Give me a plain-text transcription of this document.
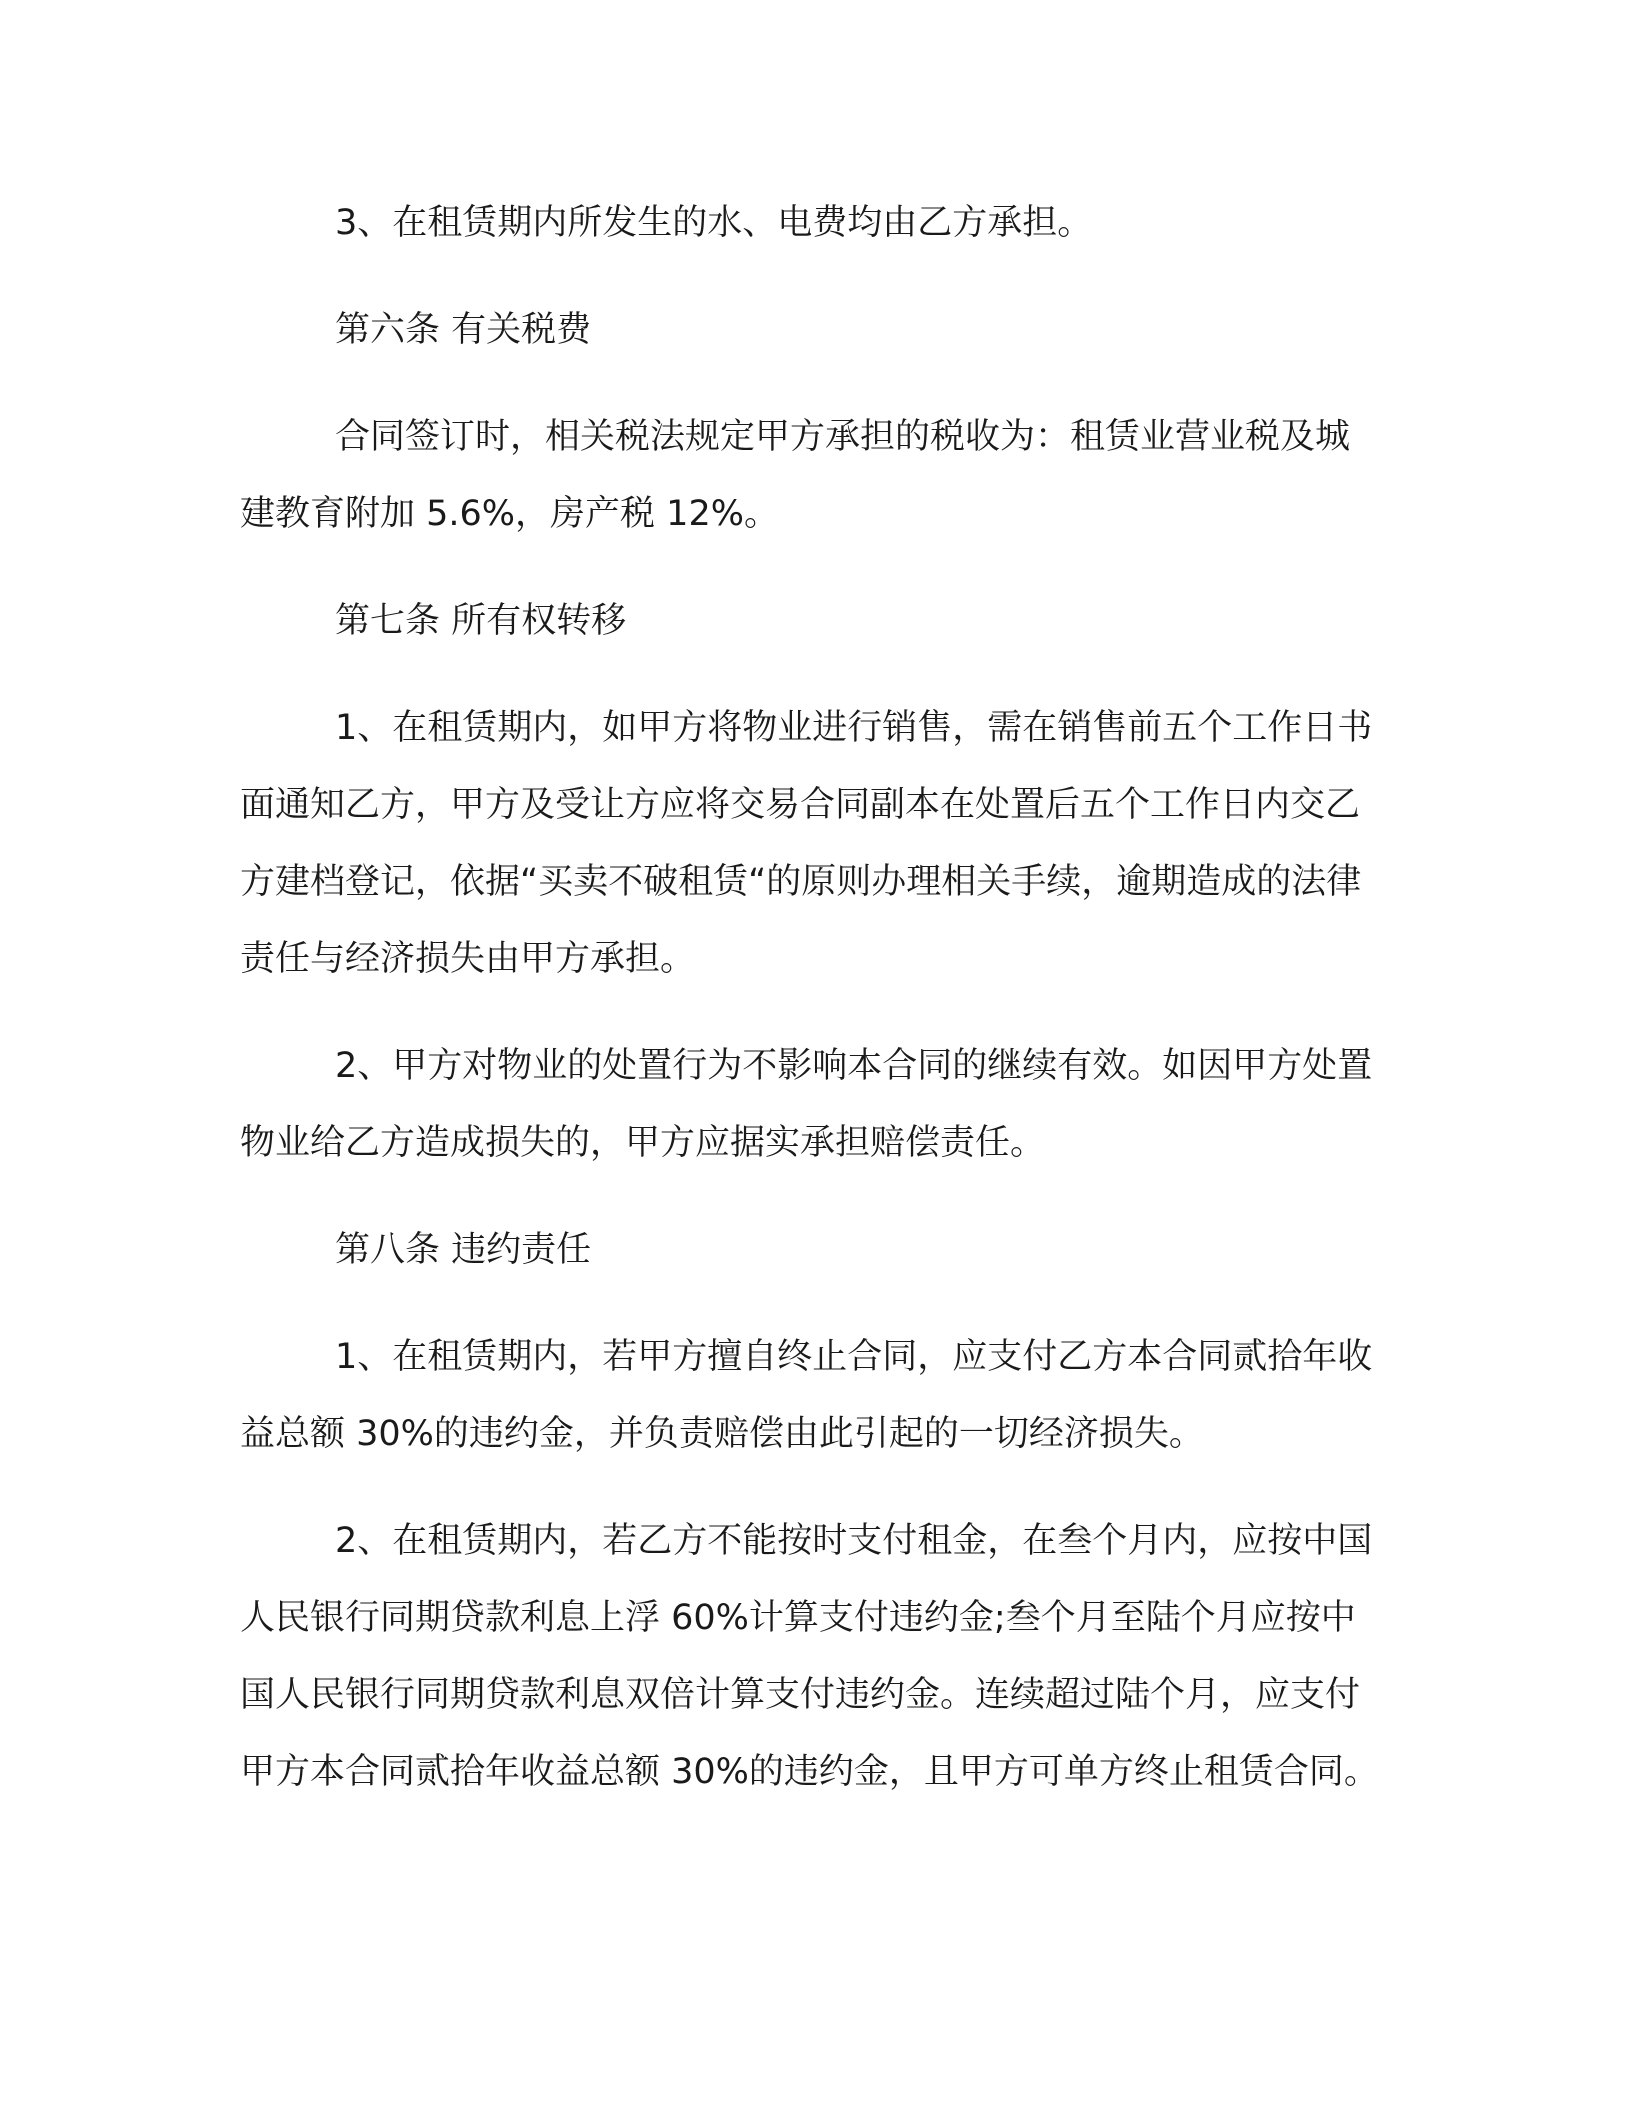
3、在租赁期内所发生的水、电费均由乙方承担。

第六条 有关税费

合同签订时，相关税法规定甲方承担的税收为：租赁业营业税及城建教育附加 5.6%，房产税 12%。

第七条 所有权转移

1、在租赁期内，如甲方将物业进行销售，需在销售前五个工作日书面通知乙方，甲方及受让方应将交易合同副本在处置后五个工作日内交乙方建档登记，依据“买卖不破租赁“的原则办理相关手续，逾期造成的法律责任与经济损失由甲方承担。

2、甲方对物业的处置行为不影响本合同的继续有效。如因甲方处置物业给乙方造成损失的，甲方应据实承担赔偿责任。

第八条 违约责任

1、在租赁期内，若甲方擅自终止合同，应支付乙方本合同贰拾年收益总额 30%的违约金，并负责赔偿由此引起的一切经济损失。

2、在租赁期内，若乙方不能按时支付租金，在叁个月内，应按中国人民银行同期贷款利息上浮 60%计算支付违约金;叁个月至陆个月应按中国人民银行同期贷款利息双倍计算支付违约金。连续超过陆个月，应支付甲方本合同贰拾年收益总额 30%的违约金，且甲方可单方终止租赁合同。
